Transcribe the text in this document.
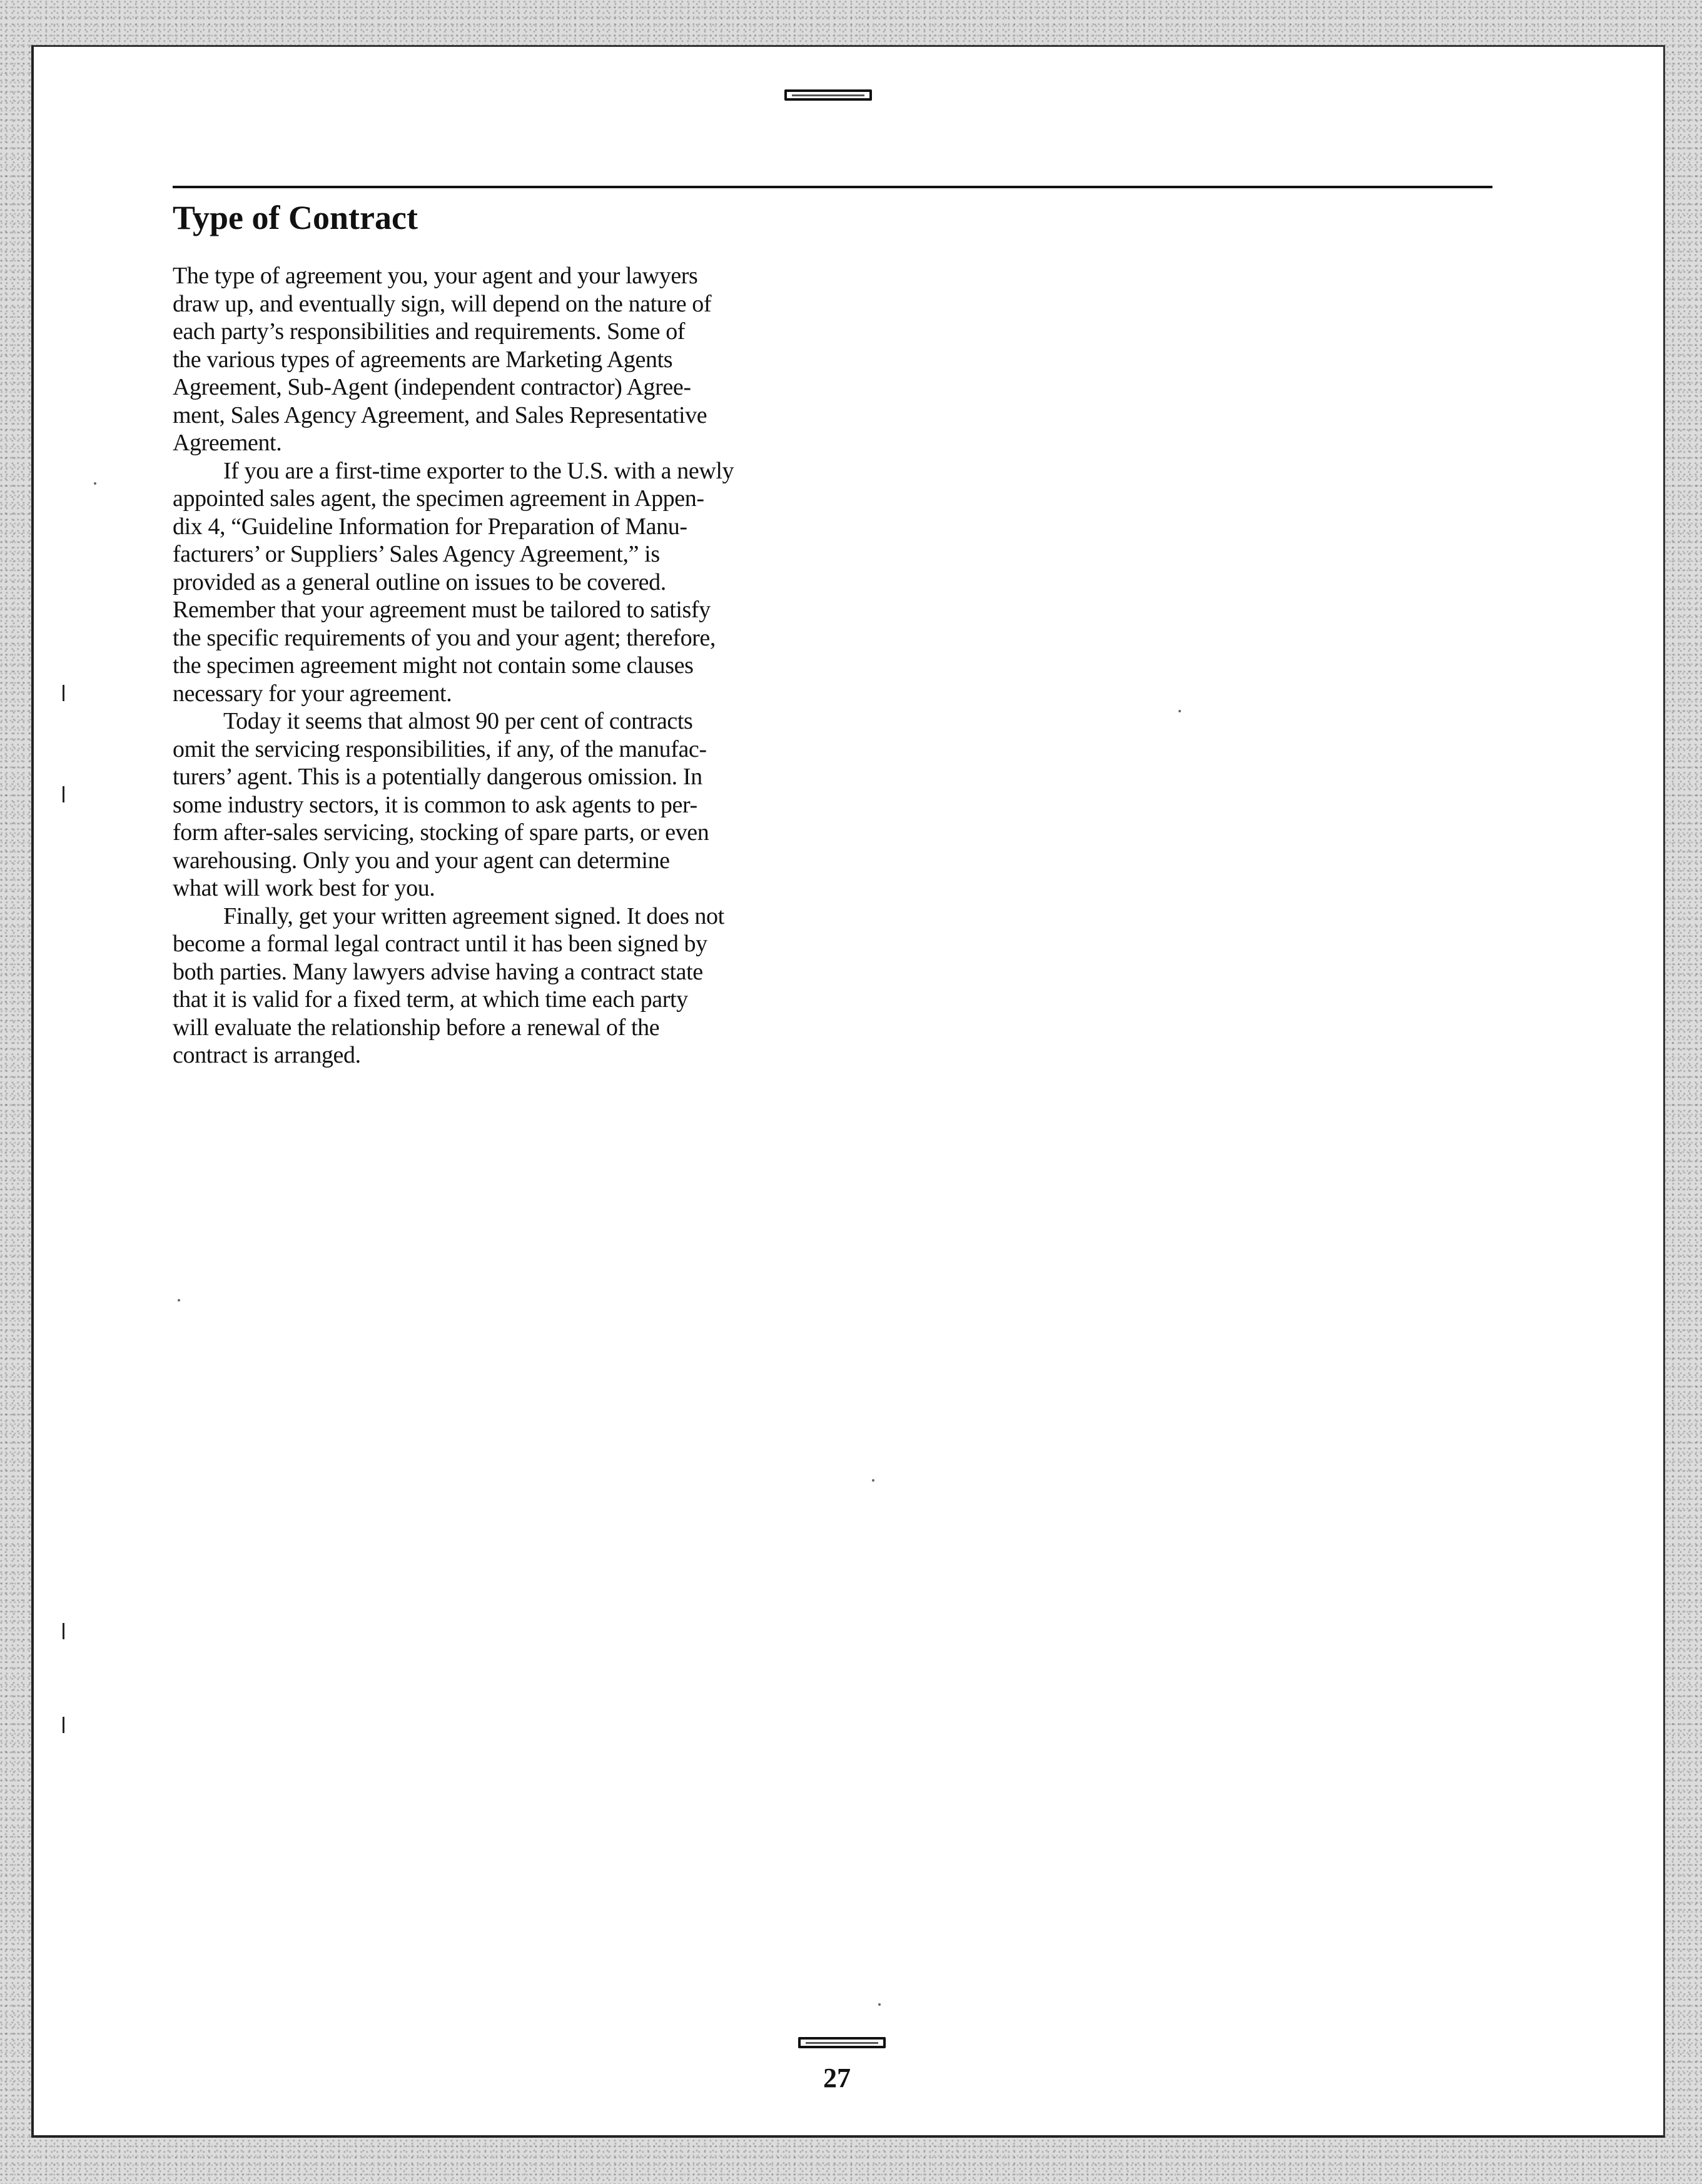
Type of Contract

The type of agreement you, your agent and your lawyers
draw up, and eventually sign, will depend on the nature of
each party’s responsibilities and requirements. Some of
the various types of agreements are Marketing Agents
Agreement, Sub-Agent (independent contractor) Agree-
ment, Sales Agency Agreement, and Sales Representative
Agreement.

If you are a first-time exporter to the U.S. with a newly
appointed sales agent, the specimen agreement in Appen-
dix 4, “Guideline Information for Preparation of Manu-
facturers’ or Suppliers’ Sales Agency Agreement,” is
provided as a general outline on issues to be covered.
Remember that your agreement must be tailored to satisfy
the specific requirements of you and your agent; therefore,
the specimen agreement might not contain some clauses
necessary for your agreement.

Today it seems that almost 90 per cent of contracts
omit the servicing responsibilities, if any, of the manufac-
turers’ agent. This is a potentially dangerous omission. In
some industry sectors, it is common to ask agents to per-
form after-sales servicing, stocking of spare parts, or even
warehousing. Only you and your agent can determine
what will work best for you.

Finally, get your written agreement signed. It does not
become a formal legal contract until it has been signed by
both parties. Many lawyers advise having a contract state
that it is valid for a fixed term, at which time each party
will evaluate the relationship before a renewal of the
contract is arranged.

27
